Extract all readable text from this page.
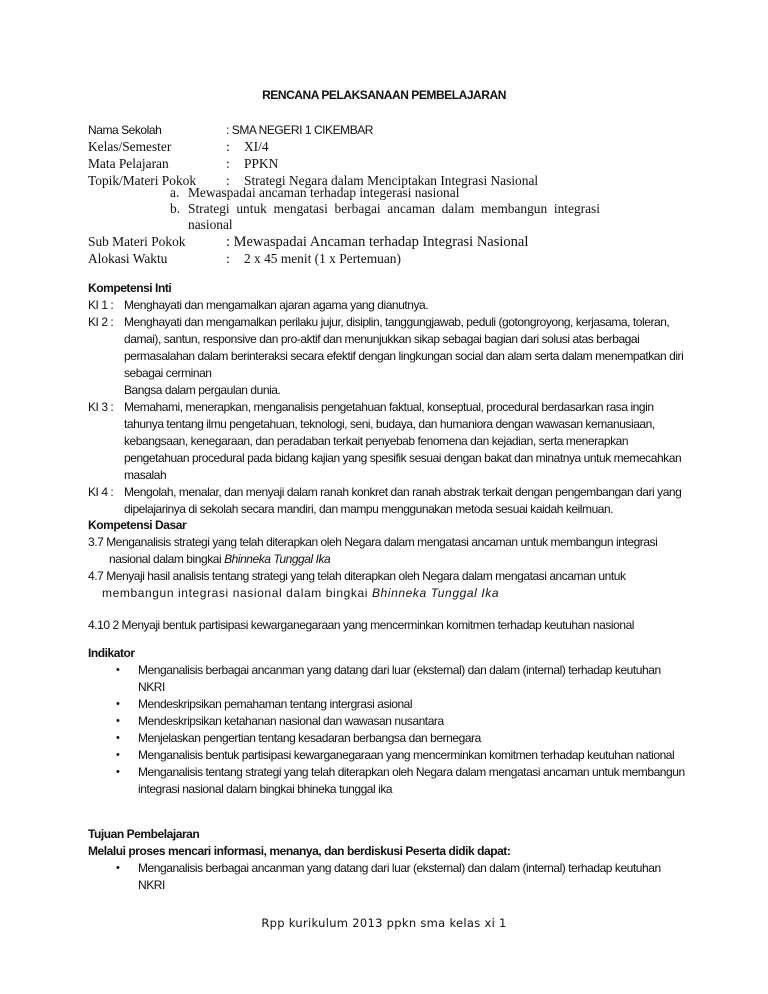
RENCANA PELAKSANAAN PEMBELAJARAN
Nama Sekolah	: SMA NEGERI 1 CIKEMBAR
Kelas/Semester	: XI/4
Mata Pelajaran	: PPKN
Topik/Materi Pokok : Strategi Negara dalam Menciptakan Integrasi Nasional
a. Mewaspadai ancaman terhadap integerasi nasional
b. Strategi untuk mengatasi berbagai ancaman dalam membangun integrasi nasional
Sub Materi Pokok	: Mewaspadai Ancaman terhadap Integrasi Nasional
Alokasi Waktu	: 2 x 45 menit (1 x Pertemuan)
Kompetensi Inti
KI 1 : Menghayati dan mengamalkan ajaran agama yang dianutnya.
KI 2 : Menghayati dan mengamalkan perilaku jujur, disiplin, tanggungjawab, peduli (gotongroyong, kerjasama, toleran, damai), santun, responsive dan pro-aktif dan menunjukkan sikap sebagai bagian dari solusi atas berbagai permasalahan dalam berinteraksi secara efektif dengan lingkungan social dan alam serta dalam menempatkan diri sebagai cerminan
Bangsa dalam pergaulan dunia.
KI 3 : Memahami, menerapkan, menganalisis pengetahuan faktual, konseptual, procedural berdasarkan rasa ingin tahunya tentang ilmu pengetahuan, teknologi, seni, budaya, dan humaniora dengan wawasan kemanusiaan, kebangsaan, kenegaraan, dan peradaban terkait penyebab fenomena dan kejadian, serta menerapkan pengetahuan procedural pada bidang kajian yang spesifik sesuai dengan bakat dan minatnya untuk memecahkan masalah
KI 4 : Mengolah, menalar, dan menyaji dalam ranah konkret dan ranah abstrak terkait dengan pengembangan dari yang dipelajarinya di sekolah secara mandiri, dan mampu menggunakan metoda sesuai kaidah keilmuan.
Kompetensi Dasar
3.7 Menganalisis strategi yang telah diterapkan oleh Negara dalam mengatasi ancaman untuk membangun integrasi nasional dalam bingkai Bhinneka Tunggal Ika
4.7 Menyaji hasil analisis tentang strategi yang telah diterapkan oleh Negara dalam mengatasi ancaman untuk
membangun integrasi nasional dalam bingkai Bhinneka Tunggal Ika
4.10 2 Menyaji bentuk partisipasi kewarganegaraan yang mencerminkan komitmen terhadap keutuhan nasional
Indikator
• Menganalisis berbagai ancanman yang datang dari luar (eksternal) dan dalam (internal) terhadap keutuhan NKRI
• Mendeskripsikan pemahaman tentang intergrasi asional
• Mendeskripsikan ketahanan nasional dan wawasan nusantara
• Menjelaskan pengertian tentang kesadaran berbangsa dan bernegara
• Menganalisis bentuk partisipasi kewarganegaraan yang mencerminkan komitmen terhadap keutuhan national
• Menganalisis tentang strategi yang telah diterapkan oleh Negara dalam mengatasi ancaman untuk membangun integrasi nasional dalam bingkai bhineka tunggal ika
Tujuan Pembelajaran
Melalui proses mencari informasi, menanya, dan berdiskusi Peserta didik dapat:
• Menganalisis berbagai ancanman yang datang dari luar (eksternal) dan dalam (internal) terhadap keutuhan NKRI
Rpp kurikulum 2013 ppkn sma kelas xi 1
